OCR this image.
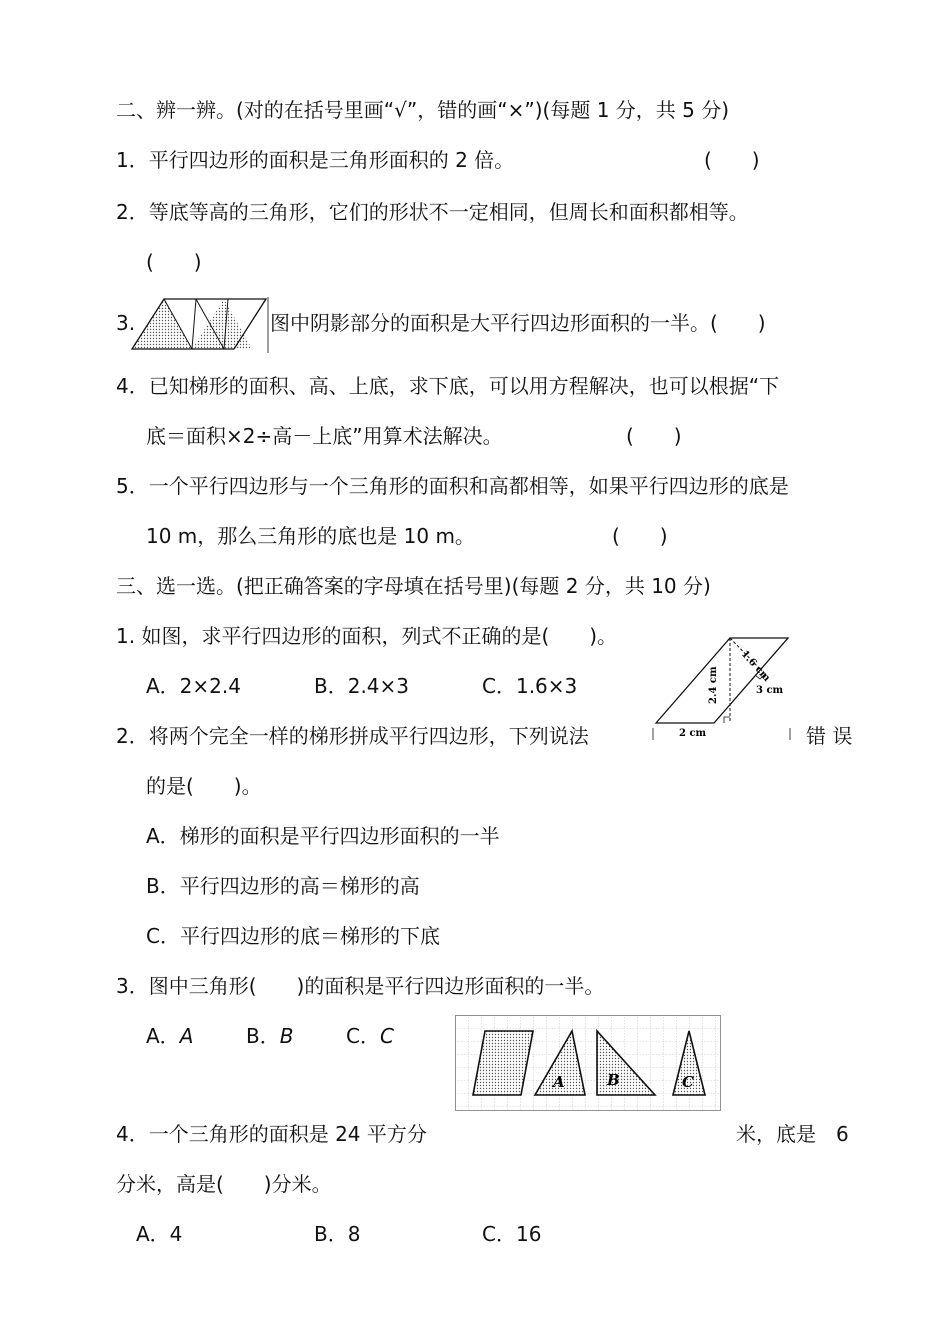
二、辨一辨。(对的在括号里画“√”，错的画“×”)(每题 1 分，共 5 分)
1．平行四边形的面积是三角形面积的 2 倍。	(　　)
2．等底等高的三角形，它们的形状不一定相同，但周长和面积都相等。
(　　)
3.	图中阴影部分的面积是大平行四边形面积的一半。(　　)
4．已知梯形的面积、高、上底，求下底，可以用方程解决，也可以根据“下
底＝面积×2÷高－上底”用算术法解决。	(　　)
5．一个平行四边形与一个三角形的面积和高都相等，如果平行四边形的底是
10 m，那么三角形的底也是 10 m。	(　　)
三、选一选。(把正确答案的字母填在括号里)(每题 2 分，共 10 分)
1. 如图，求平行四边形的面积，列式不正确的是(　　)。
A．2×2.4	B．2.4×3	C．1.6×3	2.4 cm
1.6 cm
3 cm
2 cm
2．将两个完全一样的梯形拼成平行四边形，下列说法	错 误
的是(　　)。
A．梯形的面积是平行四边形面积的一半
B．平行四边形的高＝梯形的高
C．平行四边形的底＝梯形的下底
3．图中三角形(　　)的面积是平行四边形面积的一半。
A．A	B．B	C．C
A	B	C
4．一个三角形的面积是 24 平方分	米，底是　6
分米，高是(　　)分米。
A．4	B．8	C．16
